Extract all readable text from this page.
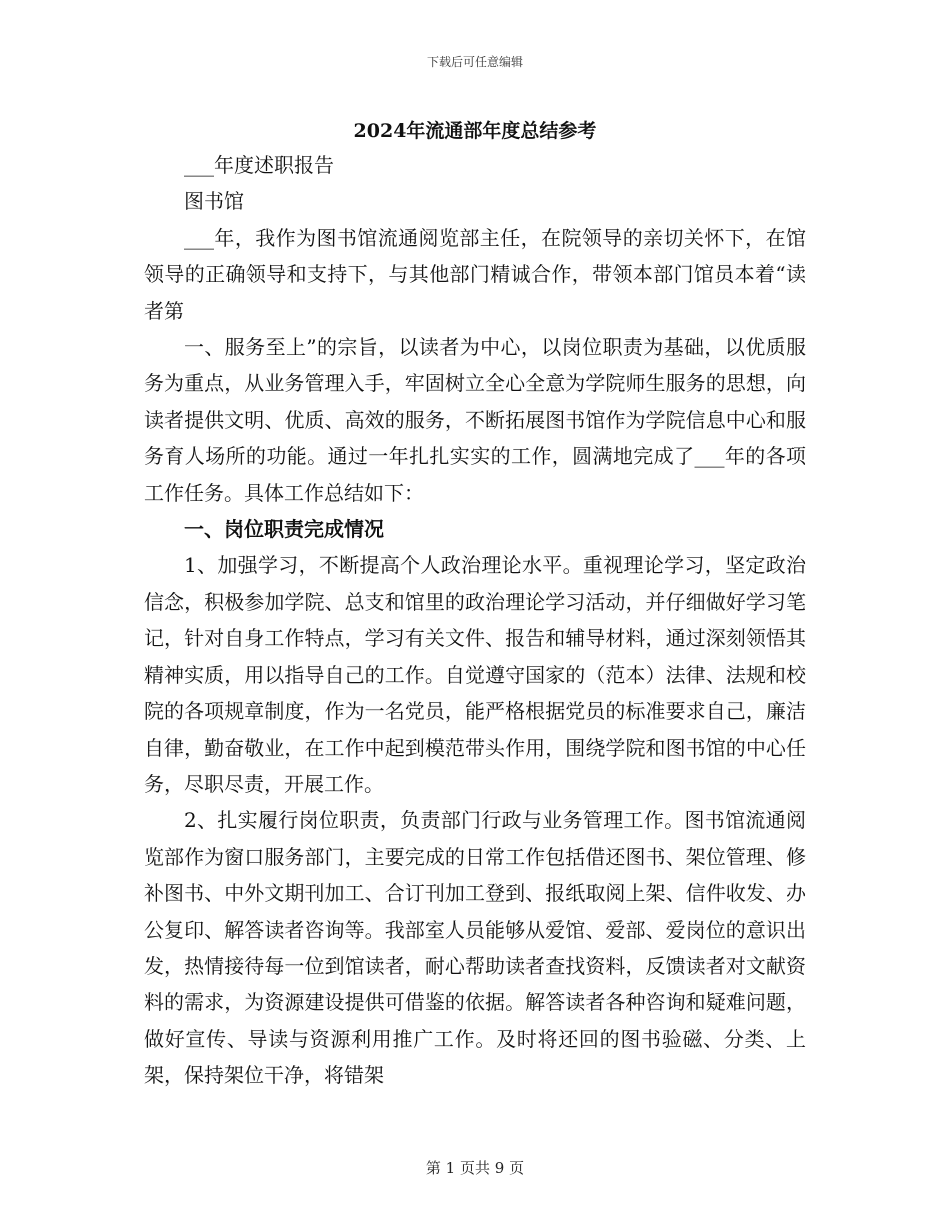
下载后可任意编辑
2024年流通部年度总结参考

___年度述职报告

图书馆

___年，我作为图书馆流通阅览部主任，在院领导的亲切关怀下，在馆领导的正确领导和支持下，与其他部门精诚合作，带领本部门馆员本着“读者第

一、服务至上”的宗旨，以读者为中心，以岗位职责为基础，以优质服务为重点，从业务管理入手，牢固树立全心全意为学院师生服务的思想，向读者提供文明、优质、高效的服务，不断拓展图书馆作为学院信息中心和服务育人场所的功能。通过一年扎扎实实的工作，圆满地完成了___年的各项工作任务。具体工作总结如下：

一、岗位职责完成情况

1、加强学习，不断提高个人政治理论水平。重视理论学习，坚定政治信念，积极参加学院、总支和馆里的政治理论学习活动，并仔细做好学习笔记，针对自身工作特点，学习有关文件、报告和辅导材料，通过深刻领悟其精神实质，用以指导自己的工作。自觉遵守国家的（范本）法律、法规和校院的各项规章制度，作为一名党员，能严格根据党员的标准要求自己，廉洁自律，勤奋敬业，在工作中起到模范带头作用，围绕学院和图书馆的中心任务，尽职尽责，开展工作。

2、扎实履行岗位职责，负责部门行政与业务管理工作。图书馆流通阅览部作为窗口服务部门，主要完成的日常工作包括借还图书、架位管理、修补图书、中外文期刊加工、合订刊加工登到、报纸取阅上架、信件收发、办公复印、解答读者咨询等。我部室人员能够从爱馆、爱部、爱岗位的意识出发，热情接待每一位到馆读者，耐心帮助读者查找资料，反馈读者对文献资料的需求，为资源建设提供可借鉴的依据。解答读者各种咨询和疑难问题，做好宣传、导读与资源利用推广工作。及时将还回的图书验磁、分类、上架，保持架位干净，将错架

第 1 页共 9 页
